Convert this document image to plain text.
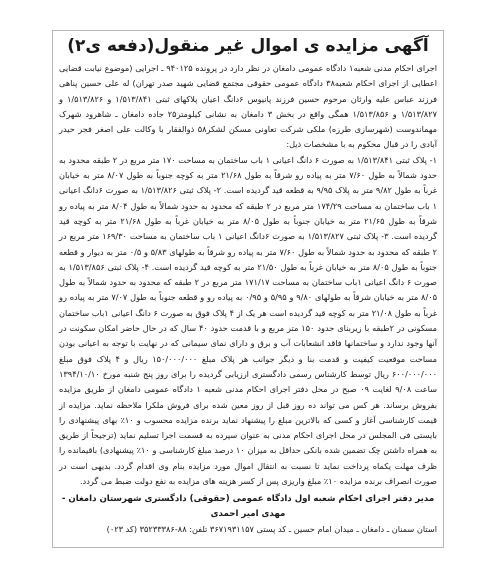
آگهی مزایده ی اموال غیر منقول(دفعه ی۲)

اجرای احکام مدنی شعبه۱ دادگاه عمومی دامغان در نظر دارد در پرونده ۹۴۰۱۲۵ ـ اجرایی (موضوع نیابت قضایی اعطایی از اجرای احکام شعبه۳۸ دادگاه عمومی حقوقی مجتمع قضایی شهید صدر تهران) له علی حسین پناهی فرزند عباس علیه وارثان مرحوم حسین فرزند پانیوس ۶دانگ اعیان پلاکهای ثبتی ۱/۵۱۳/۸۴۱ و ۱/۵۱۳/۸۲۶ و ۱/۵۱۳/۸۲۷ و ۱/۵۱۳/۸۵۶ همگی واقع در بخش ۳ دامغان به نشانی کیلومتر۲۵ جاده دامغان ـ شاهرود شهرک مهماندوست (شهرسازی طرزه) ملکی شرکت تعاونی مسکن لشکر۵۸ ذوالفقار با وکالت علی اصغر فجر حیدر آبادی را در قبال محکوم به با مشخصات ذیل:

۱- پلاک ثبتی ۱/۵۱۳/۸۴۱ به صورت ۶ دانگ اعیانی ۱ باب ساختمان به مساحت ۱۷۰ متر مربع در ۲ طبقه محدود به حدود شمالاً به طول ۷/۶۰ متر به پیاده رو شرقاً به طول ۲۱/۶۸ متر به کوچه جنوباً به طول ۸/۰۷ متر به خیابان غرباً به طول ۹/۸۲ متر به پلاک ۹/۹۵ به قطعه قید گردیده است. ۲- پلاک ثبتی ۱/۵۱۳/۸۲۶ به صورت ۶دانگ اعیانی ۱ باب ساختمان به مساحت ۱۷۴/۲۹ متر مربع در ۲ طبقه که محدود به حدود شمالاً به طول ۸/۰۴ متر به پیاده رو شرقاً به طول ۲۱/۶۵ متر به خیابان جنوباً به طول ۸/۰۵ متر به خیابان غرباً به طول ۲۱/۶۸ متر به کوچه قید گردیده است. ۳- پلاک ثبتی ۱/۵۱۳/۸۲۷ به صورت ۶دانگ اعیانی ۱ باب ساختمان به مساحت ۱۶۹/۳۰ متر مربع در ۲ طبقه که محدود به حدود شمالاً به طول ۷/۶۰ متر به پیاده رو شرقاً به طولهای ۵/۸۳ و ۰/۵ متر به دیوار و قطعه جنوباً به طول ۸/۰۵ متر به خیابان غرباً به طول ۲۱/۵۰ متر به کوچه قید گردیده است. ۴- پلاک ثبتی ۱/۵۱۳/۸۵۶ به صورت ۶ دانگ اعیانی ۱باب ساختمان به مساحت ۱۷۱/۱۷ متر مربع در ۲ طبقه که محدود به حدود شمالاً به طول ۸/۰۵ متر به خیابان شرقاً به طولهای ۹/۸۰ و ۵/۹۵ و ۰/۹۵ به پیاده رو و قطعه جنوباً به طول ۷/۰۷ متر به پیاده رو غرباً به طول ۲۱/۰۸ متر به کوچه قید گردیده است هر یک از ۴ پلاک فوق به صورت ۶ دانگ اعیانی ۱باب ساختمان مسکونی در ۲طبقه با زیربنای حدود ۱۵۰ متر مربع و با قدمت حدود ۴۰ سال که در حال حاضر امکان سکونت در آنها وجود ندارد و ساختمانها فاقد انشعابات آب و برق و دارای نمای سیمانی که در نهایت با توجه به اعیانی بودن مساحت موقعیت کیفیت و قدمت بنا و دیگر جوانب هر پلاک مبلغ ۱۵۰/۰۰۰/۰۰۰ ریال و ۴ پلاک فوق مبلغ ۶۰۰/۰۰۰/۰۰۰ ریال توسط کارشناس رسمی دادگستری ارزیابی گردیده را برای روز پنج شنبه مورخ ۱۳۹۴/۱۰/۱۰ ساعت ۹/۰۸ لغایت ۰۹ صبح در محل دفتر اجرای احکام مدنی شعبه ۱ دادگاه عمومی دامغان از طریق مزایده بفروش برساند. هر کس می تواند ده روز قبل از روز معین شده برای فروش ملکرا ملاحظه نماید. مزایده از قیمت کارشناسی آغاز و کسی که بالاترین مبلغ را پیشنهاد نماید برنده مزایده محسوب و ۱۰٪ بهای پیشنهادی را بایستی فی المجلس در محل اجرای احکام مدنی به عنوان سپرده به قسمت اجرا تسلیم نماید (ترجیحاً از طریق به همراه داشتن چک تضمین شده بانکی حداقل به میزان ۱۰ درصد مبلغ کارشناسی و ۱۰٪ پیشنهادی) باقیمانده را ظرف مهلت یکماه پرداخت نماید تا نسبت به انتقال اموال مورد مزایده بنام وی اقدام گردد. بدیهی است در صورت انصراف برنده مزایده ۱۰٪ مبلغ واریزی پس از کسر هزینه های مزایده به نفع دولت ضبط می گردد.

مدیر دفتر اجرای احکام شعبه اول دادگاه عمومی (حقوقی) دادگستری شهرستان دامغان - مهدی امیر احمدی
استان سمنان ـ دامغان ـ میدان امام حسین ـ کد پستی ۳۶۷۱۹۳۱۱۵۷ تلفن: ۸۸-۳۵۲۳۳۳۸۶ (کد ۰۲۳)
